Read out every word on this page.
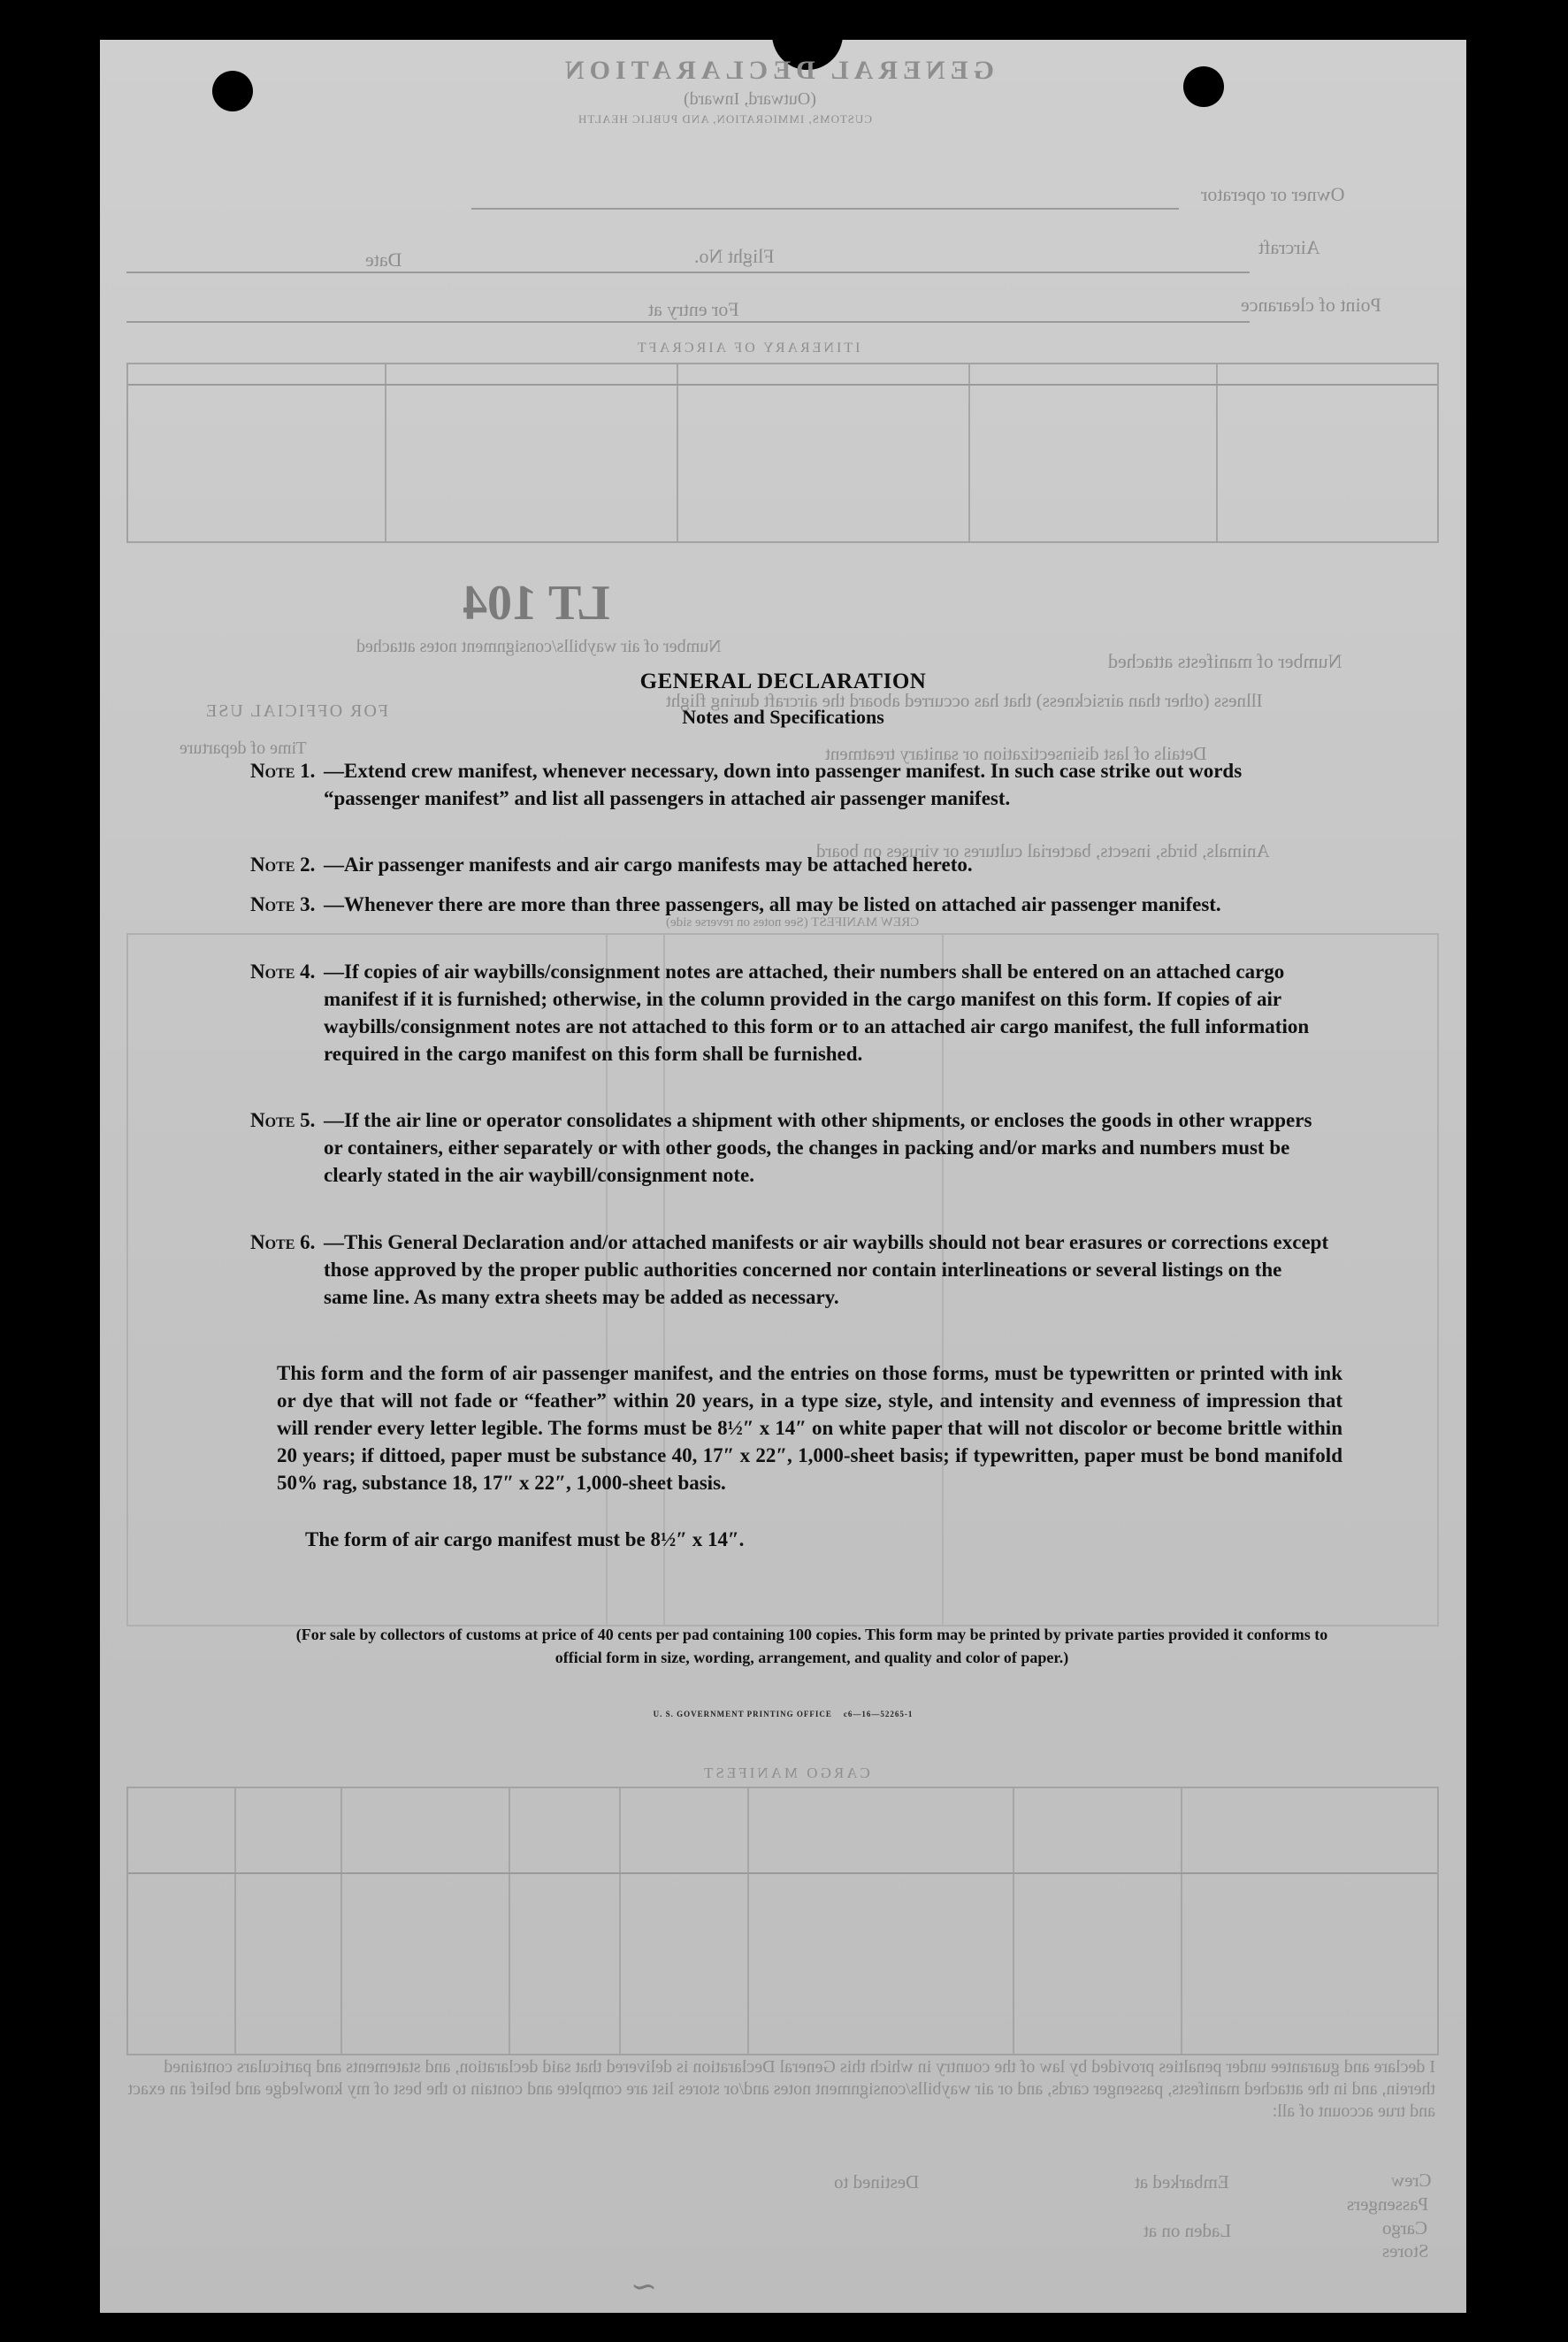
GENERAL DECLARATION
(Outward, Inward)
CUSTOMS, IMMIGRATION, AND PUBLIC HEALTH
Owner or operator
Aircraft
Flight No.
Date
Point of clearance
For entry at
ITINERARY OF AIRCRAFT
LT 104
Number of manifests attached
Number of air waybills/consignment notes attached
Illness (other than airsickness) that has occurred aboard the aircraft during flight
FOR OFFICIAL USE
Time of departure	Details of last disinsectization or sanitary treatment
Animals, birds, insects, bacterial cultures or viruses on board
CREW MANIFEST (See notes on reverse side)
CARGO MANIFEST
I declare and guarantee under penalties provided by law of the country in which this General Declaration is delivered that said declaration, and statements and particulars contained therein, and in the attached manifests, passenger cards, and or air waybills/consignment notes and/or stores list are complete and contain to the best of my knowledge and belief an exact and true account of all:
Crew
Passengers
Cargo
Stores
Embarked at
Laden on at
Destined to
~
GENERAL DECLARATION
Notes and Specifications
Note 1. —Extend crew manifest, whenever necessary, down into passenger manifest. In such case strike out words “passenger manifest” and list all passengers in attached air passenger manifest.
Note 2. —Air passenger manifests and air cargo manifests may be attached hereto.
Note 3. —Whenever there are more than three passengers, all may be listed on attached air passenger manifest.
Note 4. —If copies of air waybills/consignment notes are attached, their numbers shall be entered on an attached cargo manifest if it is furnished; otherwise, in the column provided in the cargo manifest on this form. If copies of air waybills/consignment notes are not attached to this form or to an attached air cargo manifest, the full information required in the cargo manifest on this form shall be furnished.
Note 5. —If the air line or operator consolidates a shipment with other shipments, or encloses the goods in other wrappers or containers, either separately or with other goods, the changes in packing and/or marks and numbers must be clearly stated in the air waybill/consignment note.
Note 6. —This General Declaration and/or attached manifests or air waybills should not bear erasures or corrections except those approved by the proper public authorities concerned nor contain interlineations or several listings on the same line. As many extra sheets may be added as necessary.
This form and the form of air passenger manifest, and the entries on those forms, must be typewritten or printed with ink or dye that will not fade or “feather” within 20 years, in a type size, style, and intensity and evenness of impression that will render every letter legible. The forms must be 8½″ x 14″ on white paper that will not discolor or become brittle within 20 years; if dittoed, paper must be substance 40, 17″ x 22″, 1,000-sheet basis; if typewritten, paper must be bond manifold 50% rag, substance 18, 17″ x 22″, 1,000-sheet basis.
The form of air cargo manifest must be 8½″ x 14″.
(For sale by collectors of customs at price of 40 cents per pad containing 100 copies. This form may be printed by private parties provided it conforms to official form in size, wording, arrangement, and quality and color of paper.)
U. S. GOVERNMENT PRINTING OFFICE    c6—16—52265-1
